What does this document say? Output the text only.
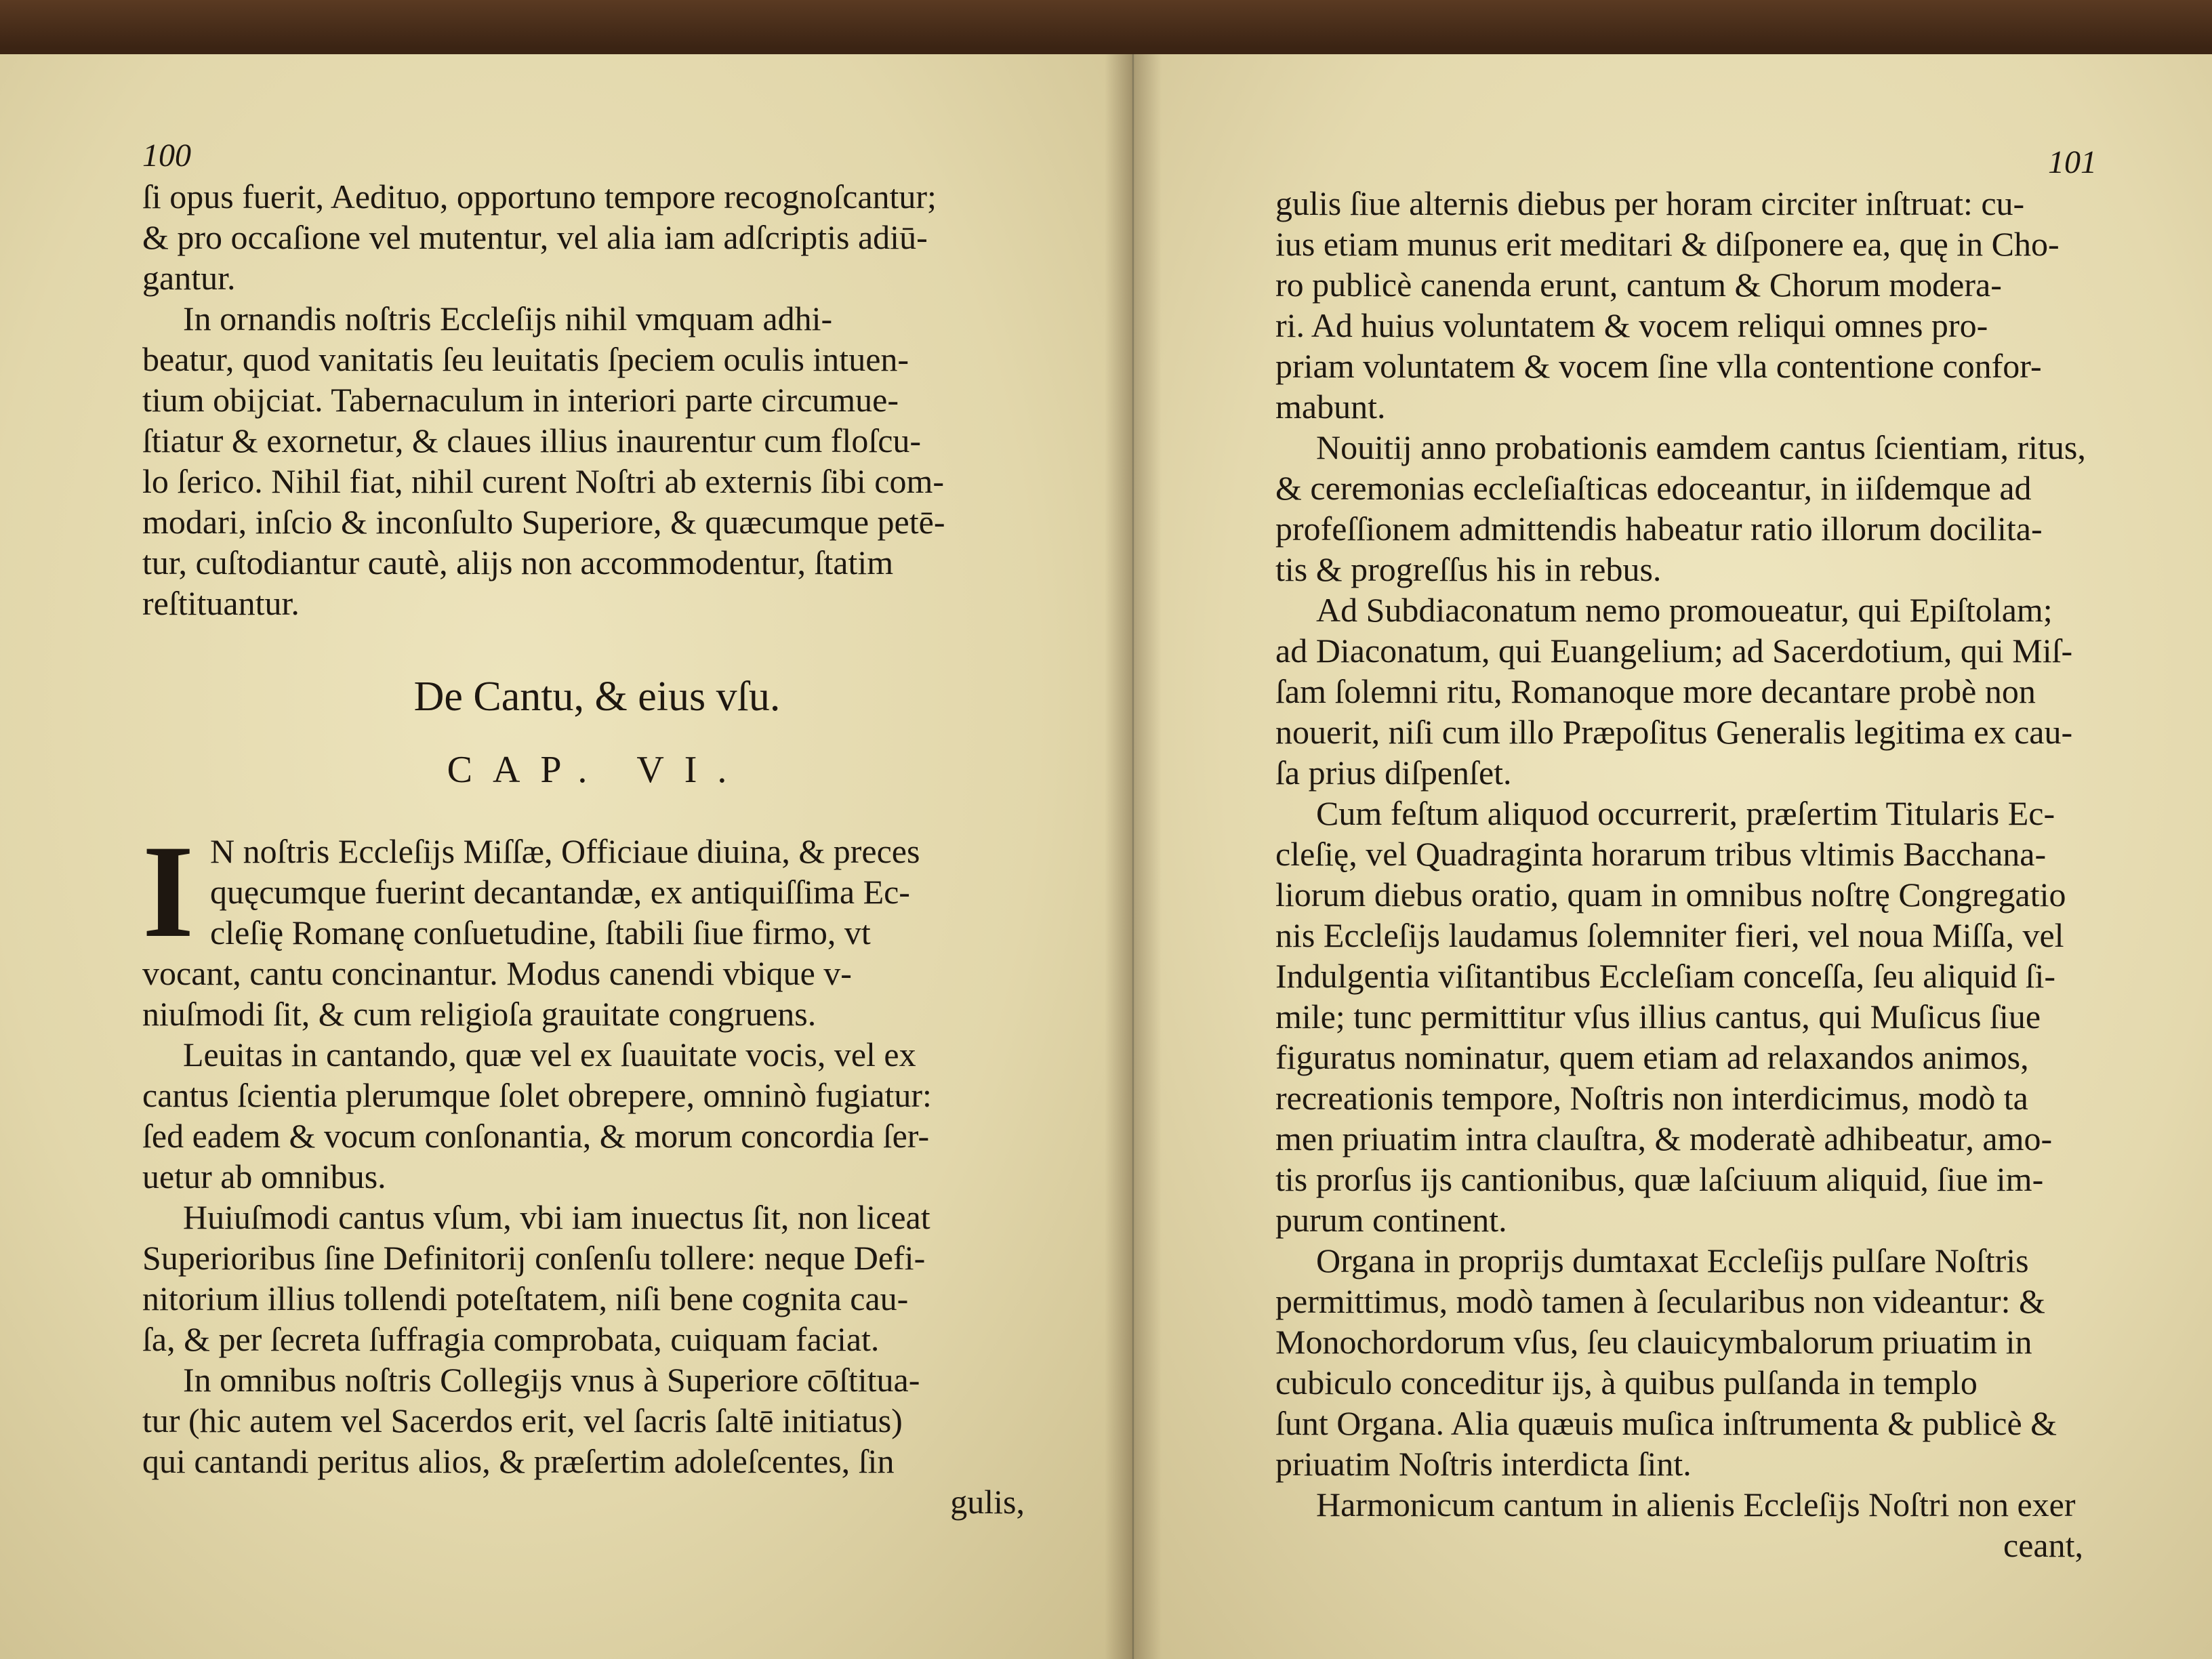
100
ſi opus fuerit, Aedituo, opportuno tempore recognoſcantur;
& pro occaſione vel mutentur, vel alia iam adſcriptis adiū-
gantur.
In ornandis noſtris Eccleſijs nihil vmquam adhi-
beatur, quod vanitatis ſeu leuitatis ſpeciem oculis intuen-
tium obijciat. Tabernaculum in interiori parte circumue-
ſtiatur & exornetur, & claues illius inaurentur cum floſcu-
lo ſerico. Nihil fiat, nihil curent Noſtri ab externis ſibi com-
modari, inſcio & inconſulto Superiore, & quæcumque petē-
tur, cuſtodiantur cautè, alijs non accommodentur, ſtatim
reſtituantur.
De Cantu, & eius vſu.
CAP. VI.
I N noſtris Eccleſijs Miſſæ, Officiaue diuina, & preces
quęcumque fuerint decantandæ, ex antiquiſſima Ec-
cleſię Romanę conſuetudine, ſtabili ſiue firmo, vt
vocant, cantu concinantur. Modus canendi vbique v-
niuſmodi ſit, & cum religioſa grauitate congruens.
Leuitas in cantando, quæ vel ex ſuauitate vocis, vel ex
cantus ſcientia plerumque ſolet obrepere, omninò fugiatur:
ſed eadem & vocum conſonantia, & morum concordia ſer-
uetur ab omnibus.
Huiuſmodi cantus vſum, vbi iam inuectus ſit, non liceat
Superioribus ſine Definitorij conſenſu tollere: neque Defi-
nitorium illius tollendi poteſtatem, niſi bene cognita cau-
ſa, & per ſecreta ſuffragia comprobata, cuiquam faciat.
In omnibus noſtris Collegijs vnus à Superiore cōſtitua-
tur (hic autem vel Sacerdos erit, vel ſacris ſaltē initiatus)
qui cantandi peritus alios, & præſertim adoleſcentes, ſin
gulis,
101
gulis ſiue alternis diebus per horam circiter inſtruat: cu-
ius etiam munus erit meditari & diſponere ea, quę in Cho-
ro publicè canenda erunt, cantum & Chorum modera-
ri. Ad huius voluntatem & vocem reliqui omnes pro-
priam voluntatem & vocem ſine vlla contentione confor-
mabunt.
Nouitij anno probationis eamdem cantus ſcientiam, ritus,
& ceremonias eccleſiaſticas edoceantur, in iiſdemque ad
profeſſionem admittendis habeatur ratio illorum docilita-
tis & progreſſus his in rebus.
Ad Subdiaconatum nemo promoueatur, qui Epiſtolam;
ad Diaconatum, qui Euangelium; ad Sacerdotium, qui Miſ-
ſam ſolemni ritu, Romanoque more decantare probè non
nouerit, niſi cum illo Præpoſitus Generalis legitima ex cau-
ſa prius diſpenſet.
Cum feſtum aliquod occurrerit, præſertim Titularis Ec-
cleſię, vel Quadraginta horarum tribus vltimis Bacchana-
liorum diebus oratio, quam in omnibus noſtrę Congregatio
nis Eccleſijs laudamus ſolemniter fieri, vel noua Miſſa, vel
Indulgentia viſitantibus Eccleſiam conceſſa, ſeu aliquid ſi-
mile; tunc permittitur vſus illius cantus, qui Muſicus ſiue
figuratus nominatur, quem etiam ad relaxandos animos,
recreationis tempore, Noſtris non interdicimus, modò ta
men priuatim intra clauſtra, & moderatè adhibeatur, amo-
tis prorſus ijs cantionibus, quæ laſciuum aliquid, ſiue im-
purum continent.
Organa in proprijs dumtaxat Eccleſijs pulſare Noſtris
permittimus, modò tamen à ſecularibus non videantur: &
Monochordorum vſus, ſeu clauicymbalorum priuatim in
cubiculo conceditur ijs, à quibus pulſanda in templo
ſunt Organa. Alia quæuis muſica inſtrumenta & publicè &
priuatim Noſtris interdicta ſint.
Harmonicum cantum in alienis Eccleſijs Noſtri non exer
ceant,
